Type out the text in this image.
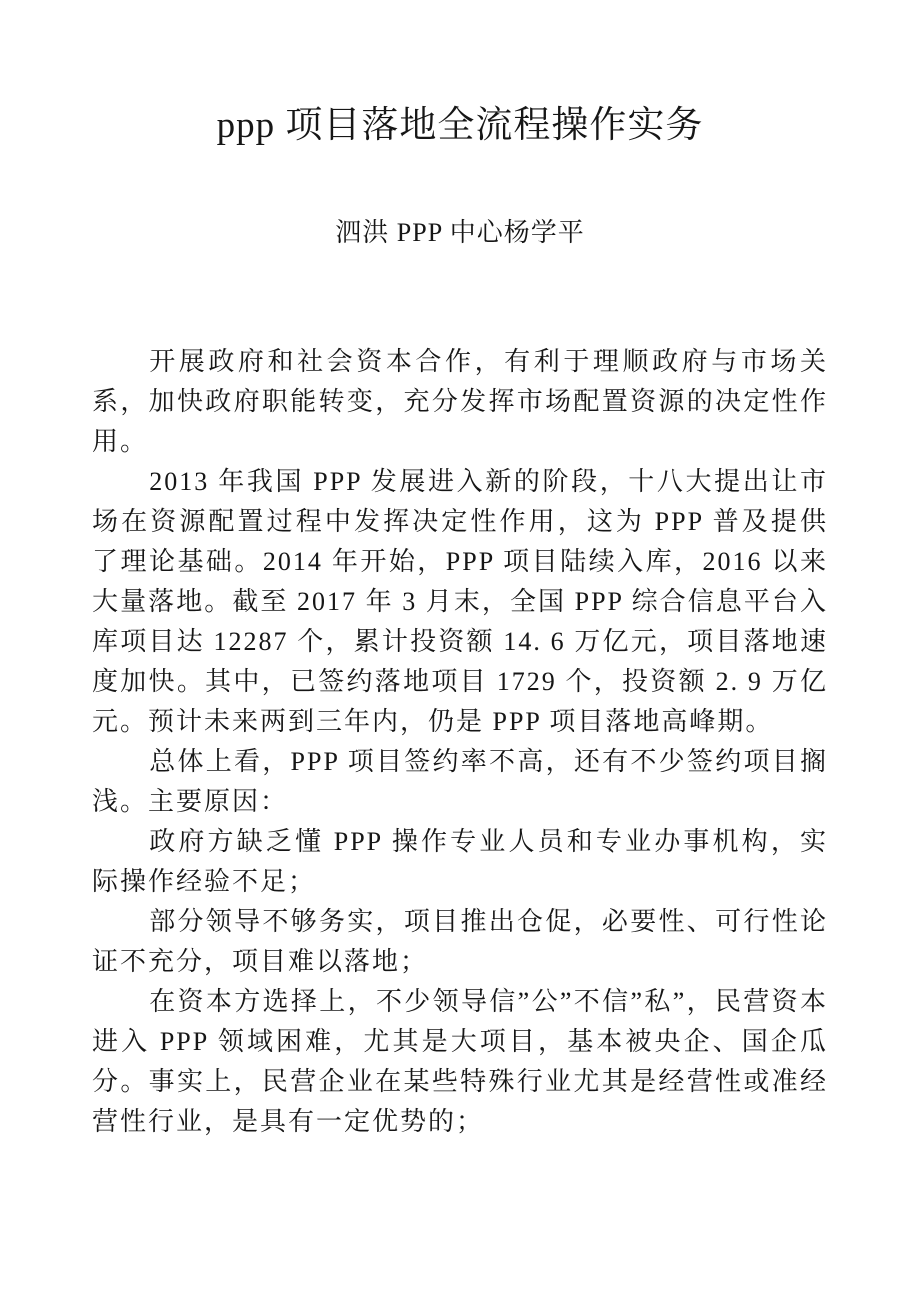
ppp 项目落地全流程操作实务
泗洪 PPP 中心杨学平

开展政府和社会资本合作，有利于理顺政府与市场关系，加快政府职能转变，充分发挥市场配置资源的决定性作用。

2013 年我国 PPP 发展进入新的阶段，十八大提出让市场在资源配置过程中发挥决定性作用，这为 PPP 普及提供了理论基础。2014 年开始，PPP 项目陆续入库，2016 以来大量落地。截至 2017 年 3 月末，全国 PPP 综合信息平台入库项目达 12287 个，累计投资额 14. 6 万亿元，项目落地速度加快。其中，已签约落地项目 1729 个，投资额 2. 9 万亿元。预计未来两到三年内，仍是 PPP 项目落地高峰期。

总体上看，PPP 项目签约率不高，还有不少签约项目搁浅。主要原因：

政府方缺乏懂 PPP 操作专业人员和专业办事机构，实际操作经验不足；

部分领导不够务实，项目推出仓促，必要性、可行性论证不充分，项目难以落地；

在资本方选择上，不少领导信”公”不信”私”，民营资本进入 PPP 领域困难，尤其是大项目，基本被央企、国企瓜分。事实上，民营企业在某些特殊行业尤其是经营性或准经营性行业，是具有一定优势的；
